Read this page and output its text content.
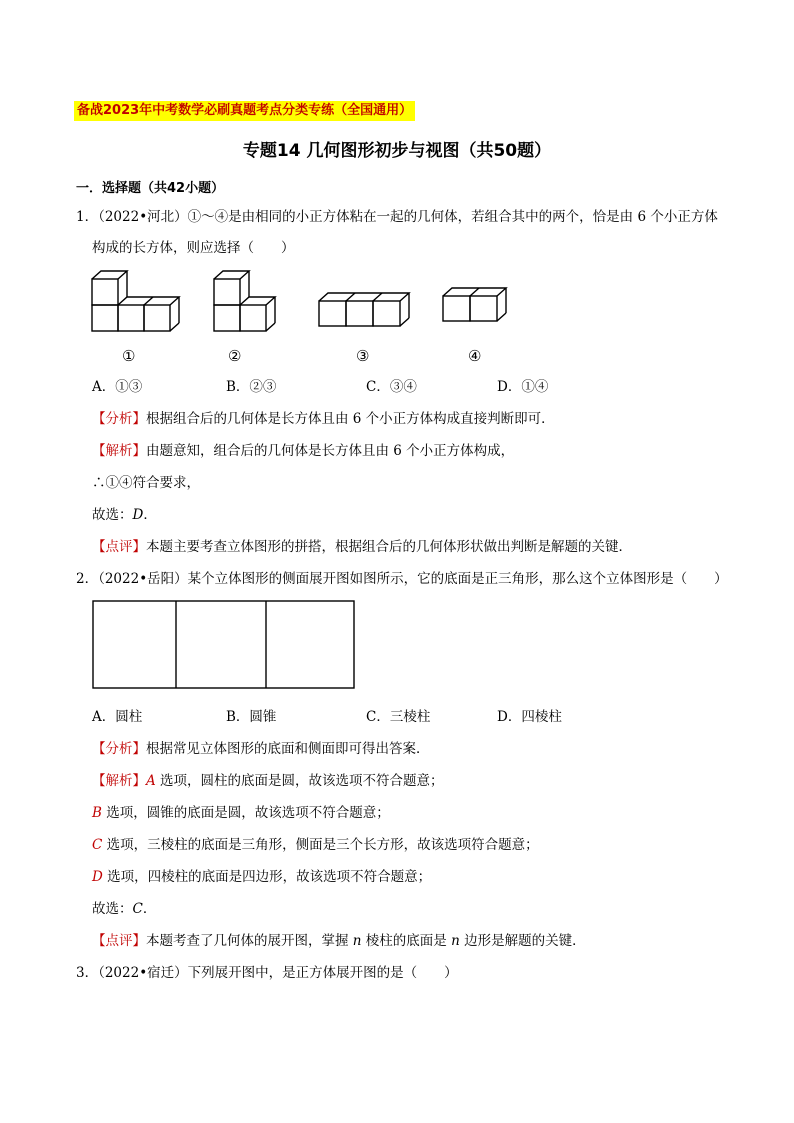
备战2023年中考数学必刷真题考点分类专练（全国通用）
专题14 几何图形初步与视图（共50题）
一．选择题（共42小题）
1．（2022•河北）①～④是由相同的小正方体粘在一起的几何体，若组合其中的两个，恰是由 6 个小正方体
构成的长方体，则应选择（　　）
①	②	③	④
A．①③	B．②③	C．③④	D．①④
【分析】根据组合后的几何体是长方体且由 6 个小正方体构成直接判断即可．
【解析】由题意知，组合后的几何体是长方体且由 6 个小正方体构成，
∴①④符合要求，
故选：D．
【点评】本题主要考查立体图形的拼搭，根据组合后的几何体形状做出判断是解题的关键．
2．（2022•岳阳）某个立体图形的侧面展开图如图所示，它的底面是正三角形，那么这个立体图形是（　　）
A．圆柱	B．圆锥	C．三棱柱	D．四棱柱
【分析】根据常见立体图形的底面和侧面即可得出答案．
【解析】A 选项，圆柱的底面是圆，故该选项不符合题意；
B 选项，圆锥的底面是圆，故该选项不符合题意；
C 选项，三棱柱的底面是三角形，侧面是三个长方形，故该选项符合题意；
D 选项，四棱柱的底面是四边形，故该选项不符合题意；
故选：C．
【点评】本题考查了几何体的展开图，掌握 n 棱柱的底面是 n 边形是解题的关键．
3．（2022•宿迁）下列展开图中，是正方体展开图的是（　　）
